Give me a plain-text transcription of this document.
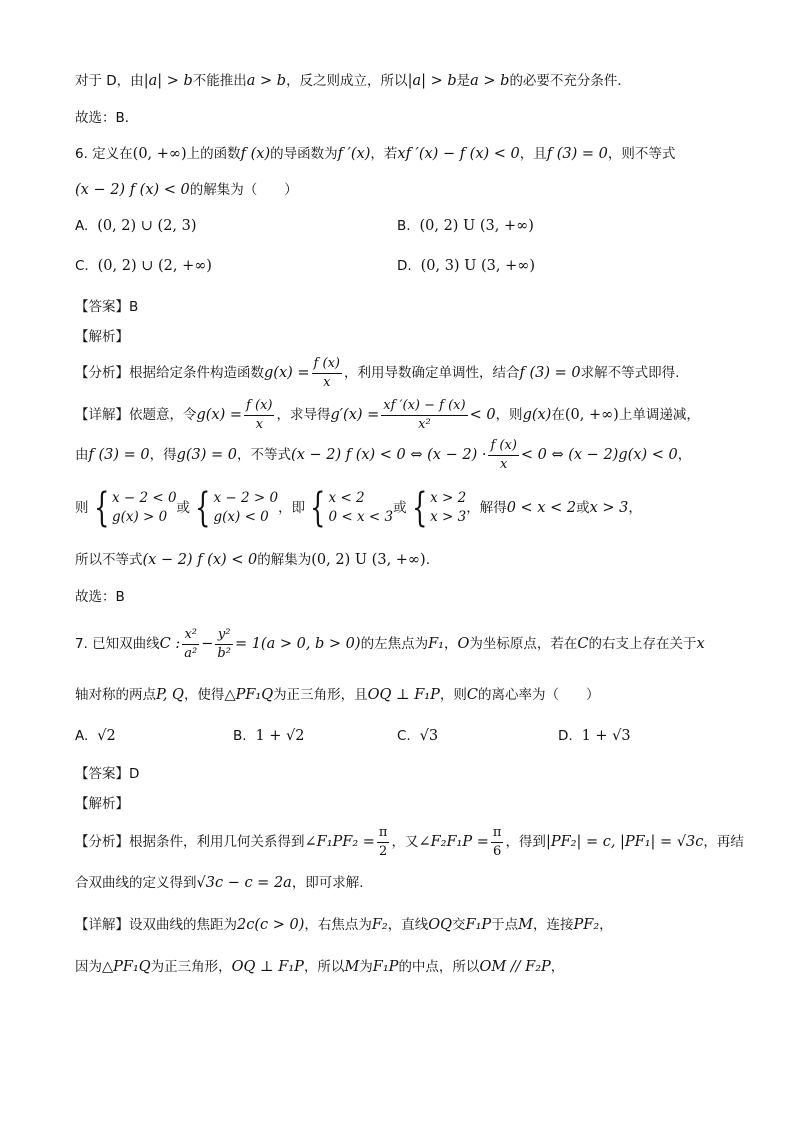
对于 D，由|a| > b不能推出a > b，反之则成立，所以|a| > b是a > b的必要不充分条件．
故选：B．
6. 定义在(0, +∞)上的函数f (x)的导函数为f ′(x)，若xf ′(x) − f (x) < 0，且f (3) = 0，则不等式
(x − 2) f (x) < 0的解集为（　　）
A. (0, 2) ∪ (2, 3)	B. (0, 2) U (3, +∞)
C. (0, 2) ∪ (2, +∞)	D. (0, 3) U (3, +∞)
【答案】B
【解析】
【分析】根据给定条件构造函数$g(x) = \frac{f (x)}{x}$ ，利用导数确定单调性，结合f (3) = 0求解不等式即得.
【详解】依题意，令$g(x) = \frac{f (x)}{x}$ ，求导得$g'(x) = \frac{xf '(x) - f (x)}{\text{x²}} < 0$，则g(x)在(0, +∞)上单调递减，
由f (3) = 0，得g(3) = 0，不等式(x − 2) f (x) < 0 ⇔ $(x - 2) \cdot \frac{f (x)}{x} < 0$ ⇔ (x − 2)g(x) < 0，
则 { x − 2 < 0
g(x) > 0
或 { x − 2 > 0
g(x) < 0
，即 { x < 2
0 < x < 3
或 { x > 2
x > 3
，解得0 < x < 2或x > 3，
所以不等式(x − 2) f (x) < 0的解集为(0, 2) U (3, +∞).
故选：B
7. 已知双曲线C : $\frac{\text{x²}}{\text{a²}} - \frac{\text{y²}}{\text{b²}} = 1(a > 0$, b > 0)的左焦点为F₁，O为坐标原点，若在C的右支上存在关于x
轴对称的两点P, Q，使得△PF₁Q为正三角形，且OQ ⊥ F₁P，则C的离心率为（　　）
A. √2	B. 1 + √2	C. √3	D. 1 + √3
【答案】D
【解析】
【分析】根据条件，利用几何关系得到∠F₁PF₂ = $\frac{\pi}{2}$ ，又∠F₂F₁P = $\frac{\pi}{6}$ ，得到|PF₂| = c, |PF₁| = √3c，再结
合双曲线的定义得到√3c − c = 2a，即可求解.
【详解】设双曲线的焦距为2c(c > 0)，右焦点为F₂，直线OQ交F₁P于点M，连接PF₂，
因为△PF₁Q为正三角形，OQ ⊥ F₁P，所以M为F₁P的中点，所以OM // F₂P，
